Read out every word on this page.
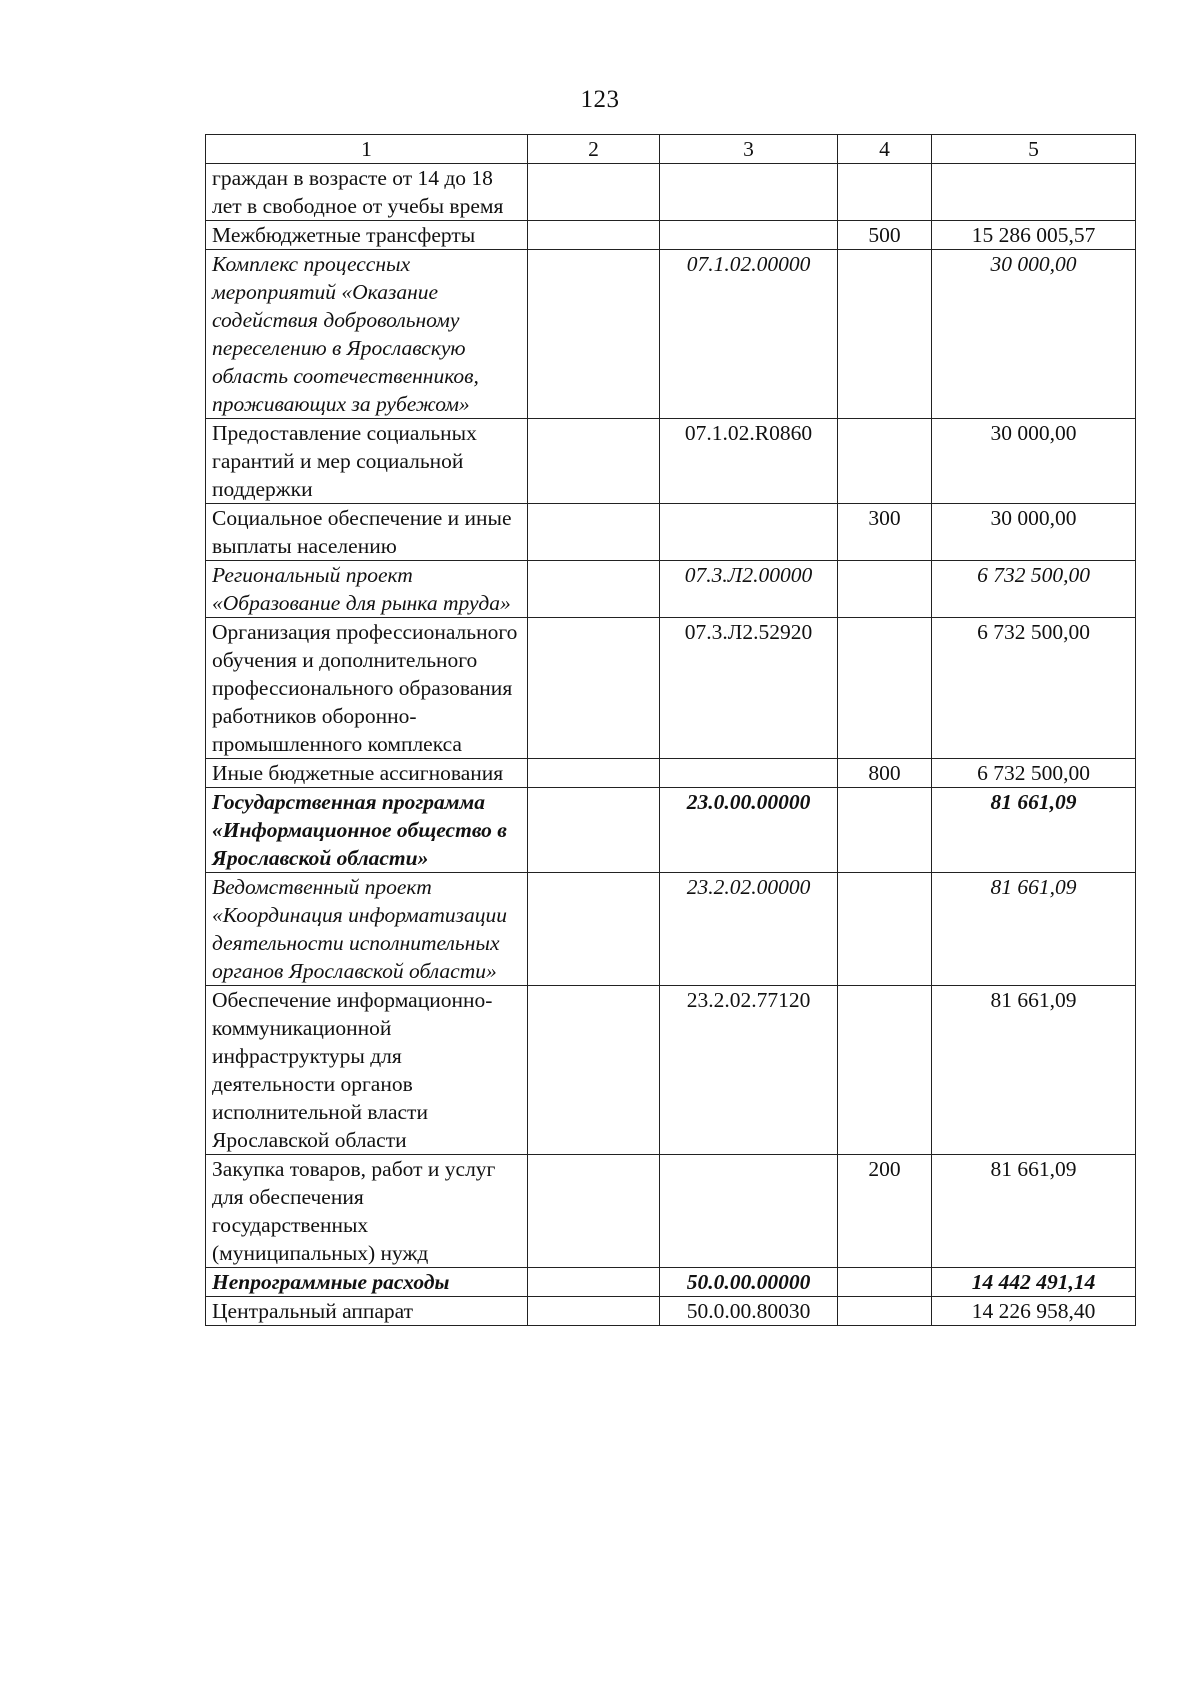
123
1	2	3	4	5
граждан в возрасте от 14 до 18 лет в свободное от учебы время				
Межбюджетные трансферты			500	15 286 005,57
Комплекс процессных мероприятий «Оказание содействия добровольному переселению в Ярославскую область соотечественников, проживающих за рубежом»		07.1.02.00000		30 000,00
Предоставление социальных гарантий и мер социальной поддержки		07.1.02.R0860		30 000,00
Социальное обеспечение и иные выплаты населению			300	30 000,00
Региональный проект «Образование для рынка труда»		07.3.Л2.00000		6 732 500,00
Организация профессионального обучения и дополнительного профессионального образования работников оборонно-промышленного комплекса		07.3.Л2.52920		6 732 500,00
Иные бюджетные ассигнования			800	6 732 500,00
Государственная программа «Информационное общество в Ярославской области»		23.0.00.00000		81 661,09
Ведомственный проект «Координация информатизации деятельности исполнительных органов Ярославской области»		23.2.02.00000		81 661,09
Обеспечение информационно-коммуникационной инфраструктуры для деятельности органов исполнительной власти Ярославской области		23.2.02.77120		81 661,09
Закупка товаров, работ и услуг для обеспечения государственных (муниципальных) нужд			200	81 661,09
Непрограммные расходы		50.0.00.00000		14 442 491,14
Центральный аппарат		50.0.00.80030		14 226 958,40
